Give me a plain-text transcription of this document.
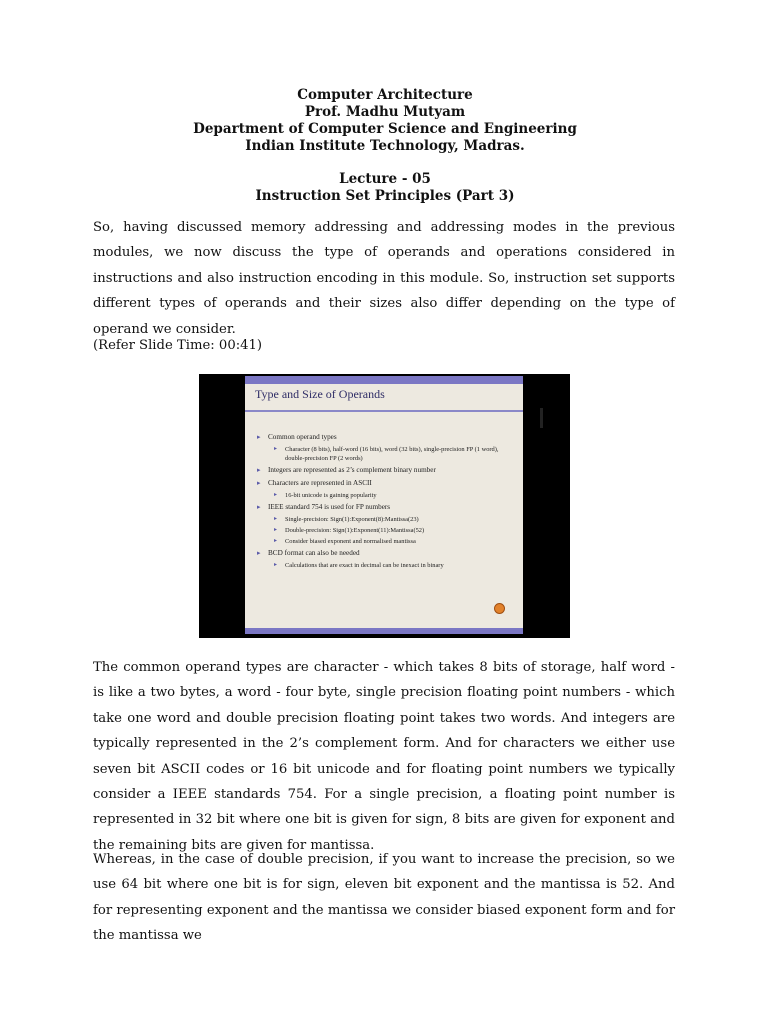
Computer Architecture
Prof. Madhu Mutyam
Department of Computer Science and Engineering
Indian Institute Technology, Madras.
Lecture - 05
Instruction Set Principles (Part 3)

So, having discussed memory addressing and addressing modes in the previous modules, we now discuss the type of operands and operations considered in instructions and also instruction encoding in this module. So, instruction set supports different types of operands and their sizes also differ depending on the type of operand we consider.

(Refer Slide Time: 00:41)

Type and Size of Operands
▸ Common operand types
▸ Character (8 bits), half-word (16 bits), word (32 bits), single-precision FP (1 word), double-precision FP (2 words)
▸ Integers are represented as 2’s complement binary number
▸ Characters are represented in ASCII
▸ 16-bit unicode is gaining popularity
▸ IEEE standard 754 is used for FP numbers
▸ Single-precision: Sign(1):Exponent(8):Mantissa(23)
▸ Double-precision: Sign(1):Exponent(11):Mantissa(52)
▸ Consider biased exponent and normalised mantissa
▸ BCD format can also be needed
▸ Calculations that are exact in decimal can be inexact in binary

The common operand types are character - which takes 8 bits of storage, half word - is like a two bytes, a word - four byte, single precision floating point numbers - which take one word and double precision floating point takes two words. And integers are typically represented in the 2’s complement form. And for characters we either use seven bit ASCII codes or 16 bit unicode and for floating point numbers we typically consider a IEEE standards 754. For a single precision, a floating point number is represented in 32 bit where one bit is given for sign, 8 bits are given for exponent and the remaining bits are given for mantissa.

Whereas, in the case of double precision, if you want to increase the precision, so we use 64 bit where one bit is for sign, eleven bit exponent and the mantissa is 52. And for representing exponent and the mantissa we consider biased exponent form and for the mantissa we
